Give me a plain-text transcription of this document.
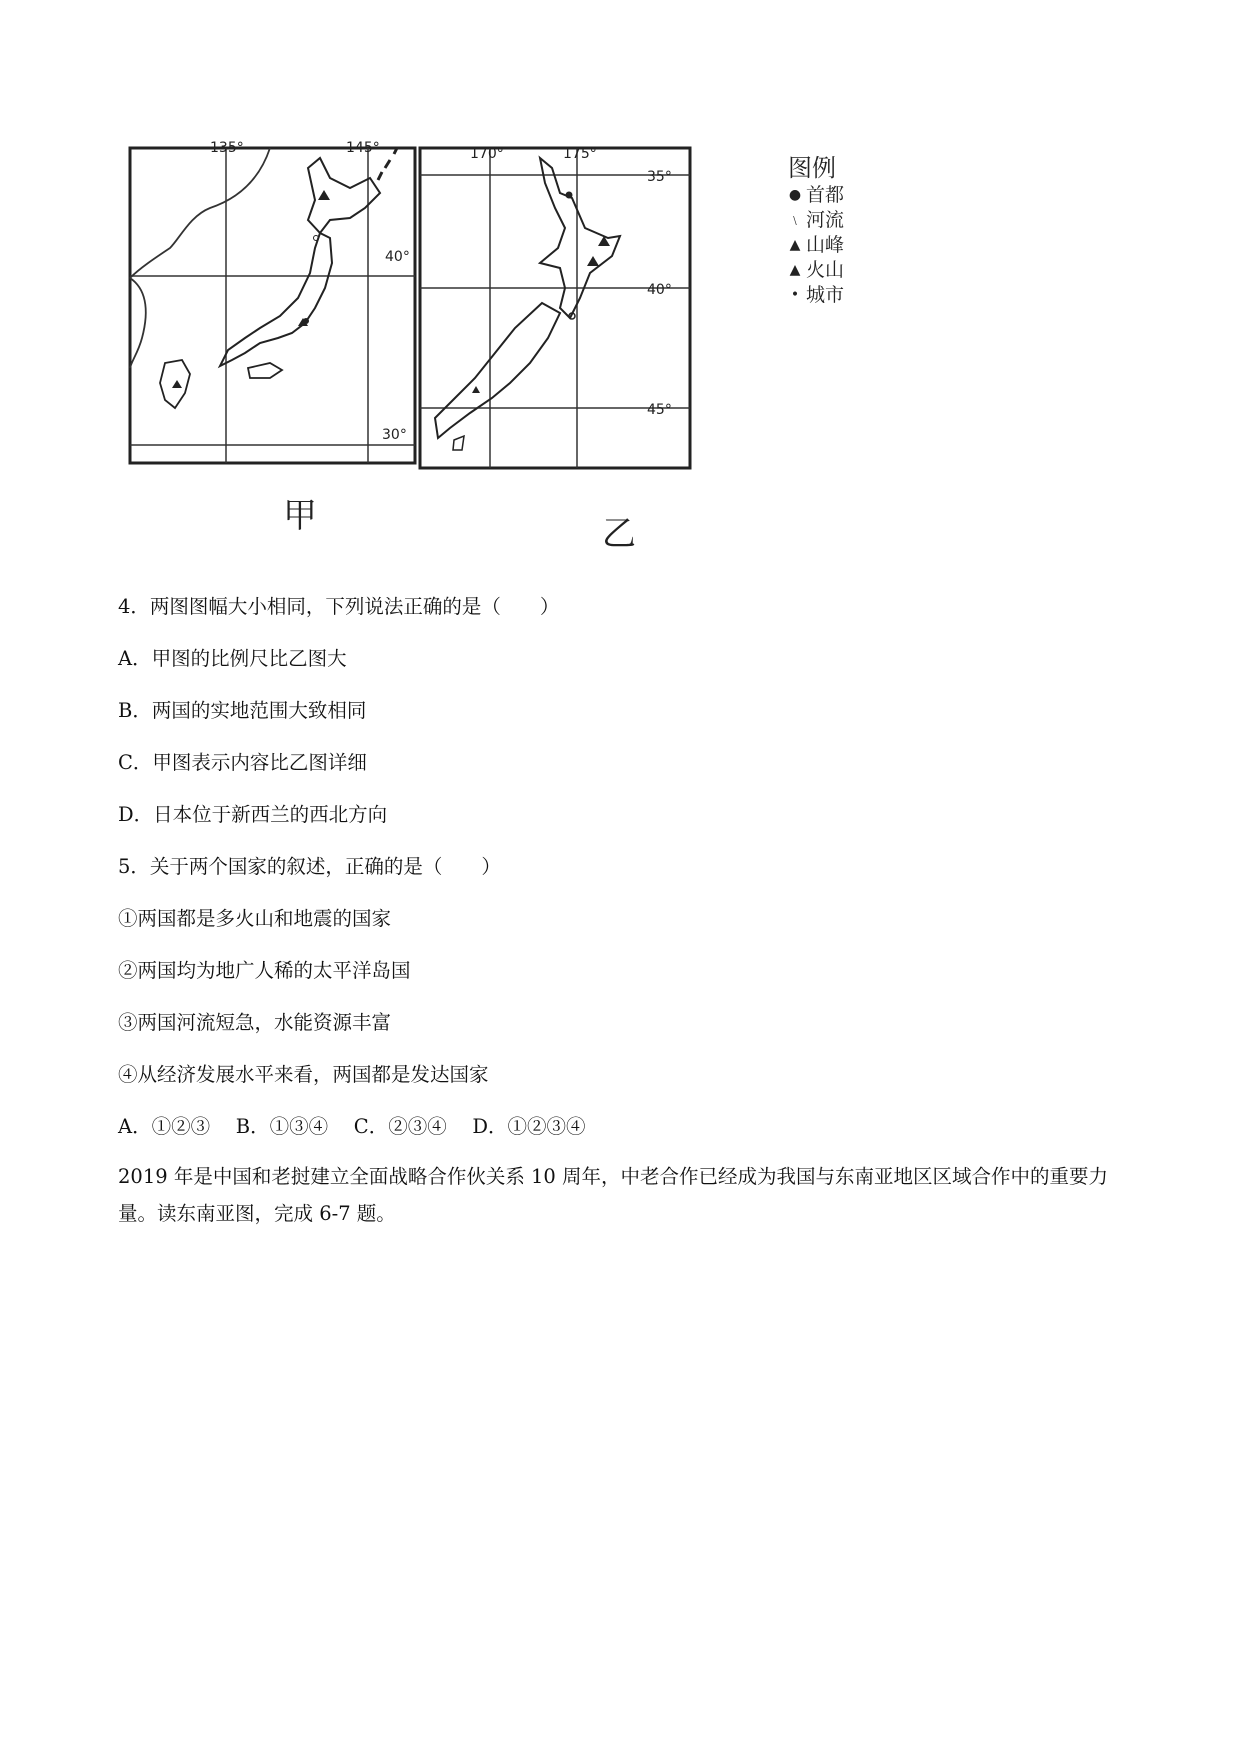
135°	145°
40°
30°
170°	175°
35°
40°
45°
甲	乙
图例
● 首都
﹨ 河流
▲ 山峰
▲ 火山
• 城市
4．两图图幅大小相同，下列说法正确的是（　　）
A．甲图的比例尺比乙图大
B．两国的实地范围大致相同
C．甲图表示内容比乙图详细
D．日本位于新西兰的西北方向
5．关于两个国家的叙述，正确的是（　　）
①两国都是多火山和地震的国家
②两国均为地广人稀的太平洋岛国
③两国河流短急，水能资源丰富
④从经济发展水平来看，两国都是发达国家
A．①②③　 B．①③④　 C．②③④　 D．①②③④
2019 年是中国和老挝建立全面战略合作伙关系 10 周年，中老合作已经成为我国与东南亚地区区域合作中的重要力量。读东南亚图，完成 6-7 题。
